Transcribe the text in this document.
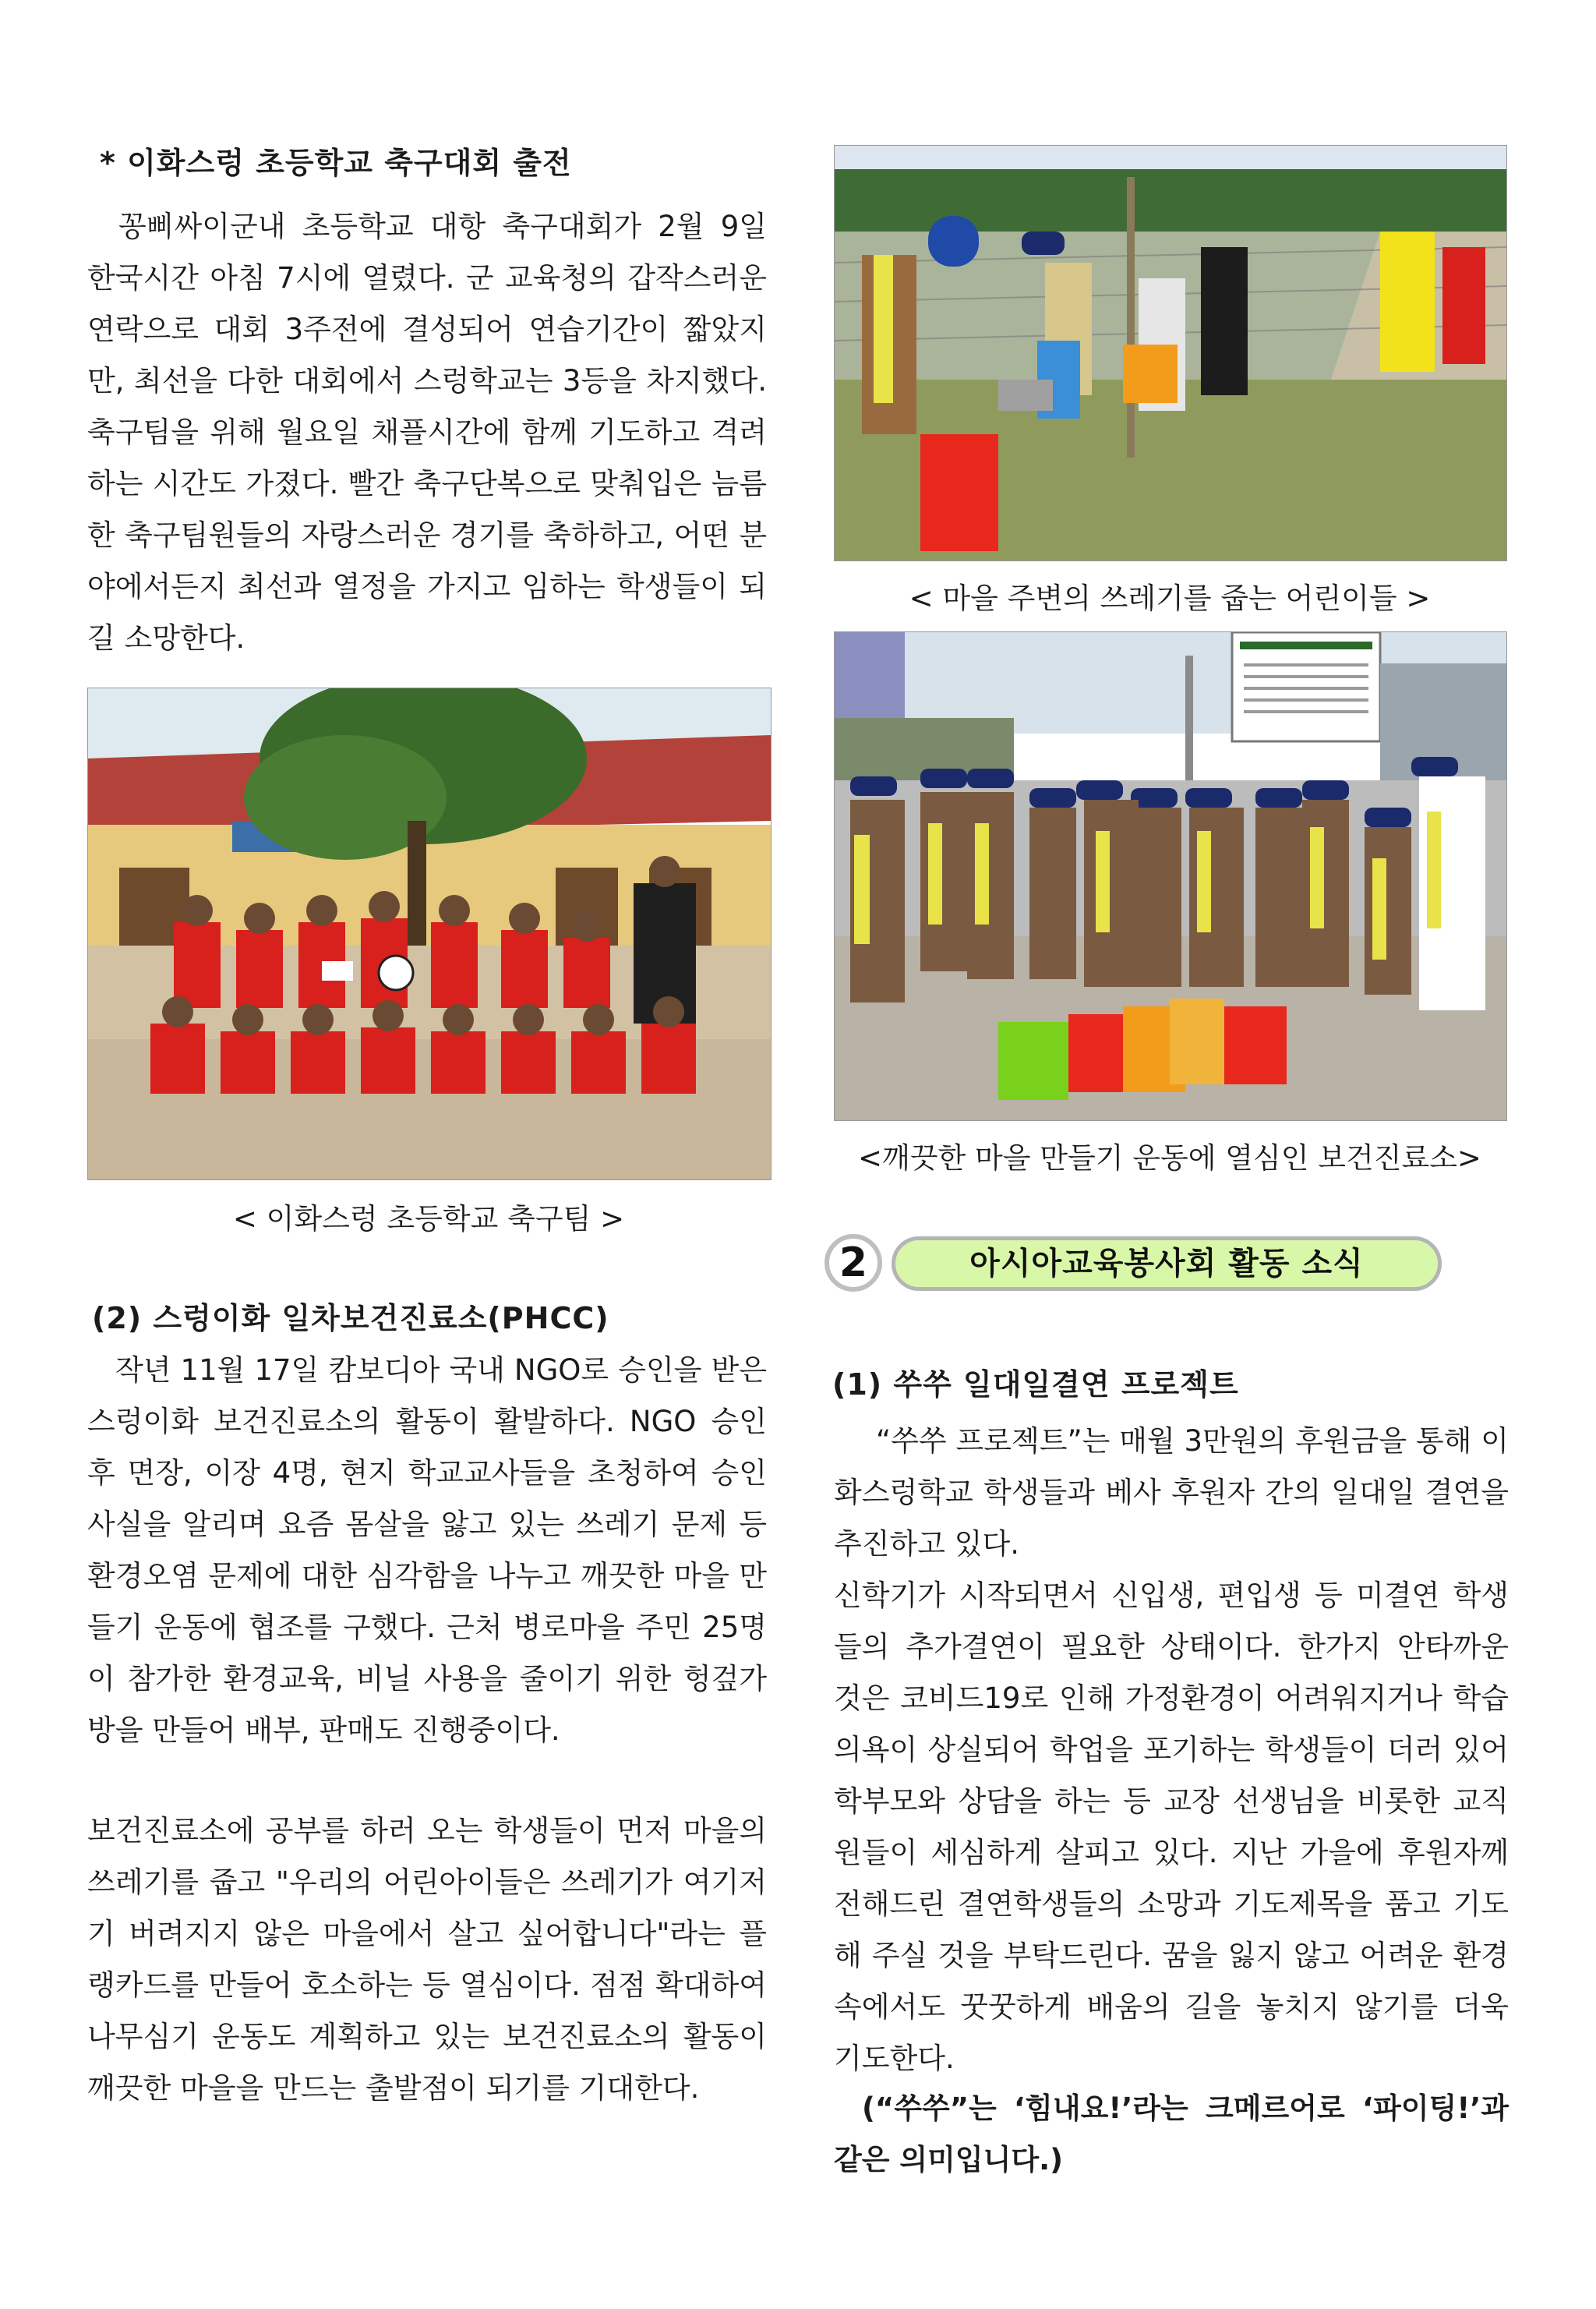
* 이화스렁 초등학교 축구대회 출전

꽁삐싸이군내 초등학교 대항 축구대회가 2월 9일 한국시간 아침 7시에 열렸다. 군 교육청의 갑작스러운 연락으로 대회 3주전에 결성되어 연습기간이 짧았지만, 최선을 다한 대회에서 스렁학교는 3등을 차지했다. 축구팀을 위해 월요일 채플시간에 함께 기도하고 격려하는 시간도 가졌다. 빨간 축구단복으로 맞춰입은 늠름한 축구팀원들의 자랑스러운 경기를 축하하고, 어떤 분야에서든지 최선과 열정을 가지고 임하는 학생들이 되길 소망한다.

< 이화스렁 초등학교 축구팀 >
(2) 스렁이화 일차보건진료소(PHCC)

작년 11월 17일 캄보디아 국내 NGO로 승인을 받은 스렁이화 보건진료소의 활동이 활발하다. NGO 승인 후 면장, 이장 4명, 현지 학교교사들을 초청하여 승인사실을 알리며 요즘 몸살을 앓고 있는 쓰레기 문제 등 환경오염 문제에 대한 심각함을 나누고 깨끗한 마을 만들기 운동에 협조를 구했다. 근처 병로마을 주민 25명이 참가한 환경교육, 비닐 사용을 줄이기 위한 헝겊가방을 만들어 배부, 판매도 진행중이다.

보건진료소에 공부를 하러 오는 학생들이 먼저 마을의 쓰레기를 줍고 "우리의 어린아이들은 쓰레기가 여기저기 버려지지 않은 마을에서 살고 싶어합니다"라는 플랭카드를 만들어 호소하는 등 열심이다. 점점 확대하여 나무심기 운동도 계획하고 있는 보건진료소의 활동이 깨끗한 마을을 만드는 출발점이 되기를 기대한다.

< 마을 주변의 쓰레기를 줍는 어린이들 >
<깨끗한 마을 만들기 운동에 열심인 보건진료소>
2	아시아교육봉사회 활동 소식
(1) 쑤쑤 일대일결연 프로젝트

“쑤쑤 프로젝트”는 매월 3만원의 후원금을 통해 이화스렁학교 학생들과 베사 후원자 간의 일대일 결연을 추진하고 있다.

신학기가 시작되면서 신입생, 편입생 등 미결연 학생들의 추가결연이 필요한 상태이다. 한가지 안타까운 것은 코비드19로 인해 가정환경이 어려워지거나 학습의욕이 상실되어 학업을 포기하는 학생들이 더러 있어 학부모와 상담을 하는 등 교장 선생님을 비롯한 교직원들이 세심하게 살피고 있다. 지난 가을에 후원자께 전해드린 결연학생들의 소망과 기도제목을 품고 기도해 주실 것을 부탁드린다. 꿈을 잃지 않고 어려운 환경속에서도 꿋꿋하게 배움의 길을 놓치지 않기를 더욱 기도한다.

(“쑤쑤”는 ‘힘내요!’라는 크메르어로 ‘파이팅!’과 같은 의미입니다.)
